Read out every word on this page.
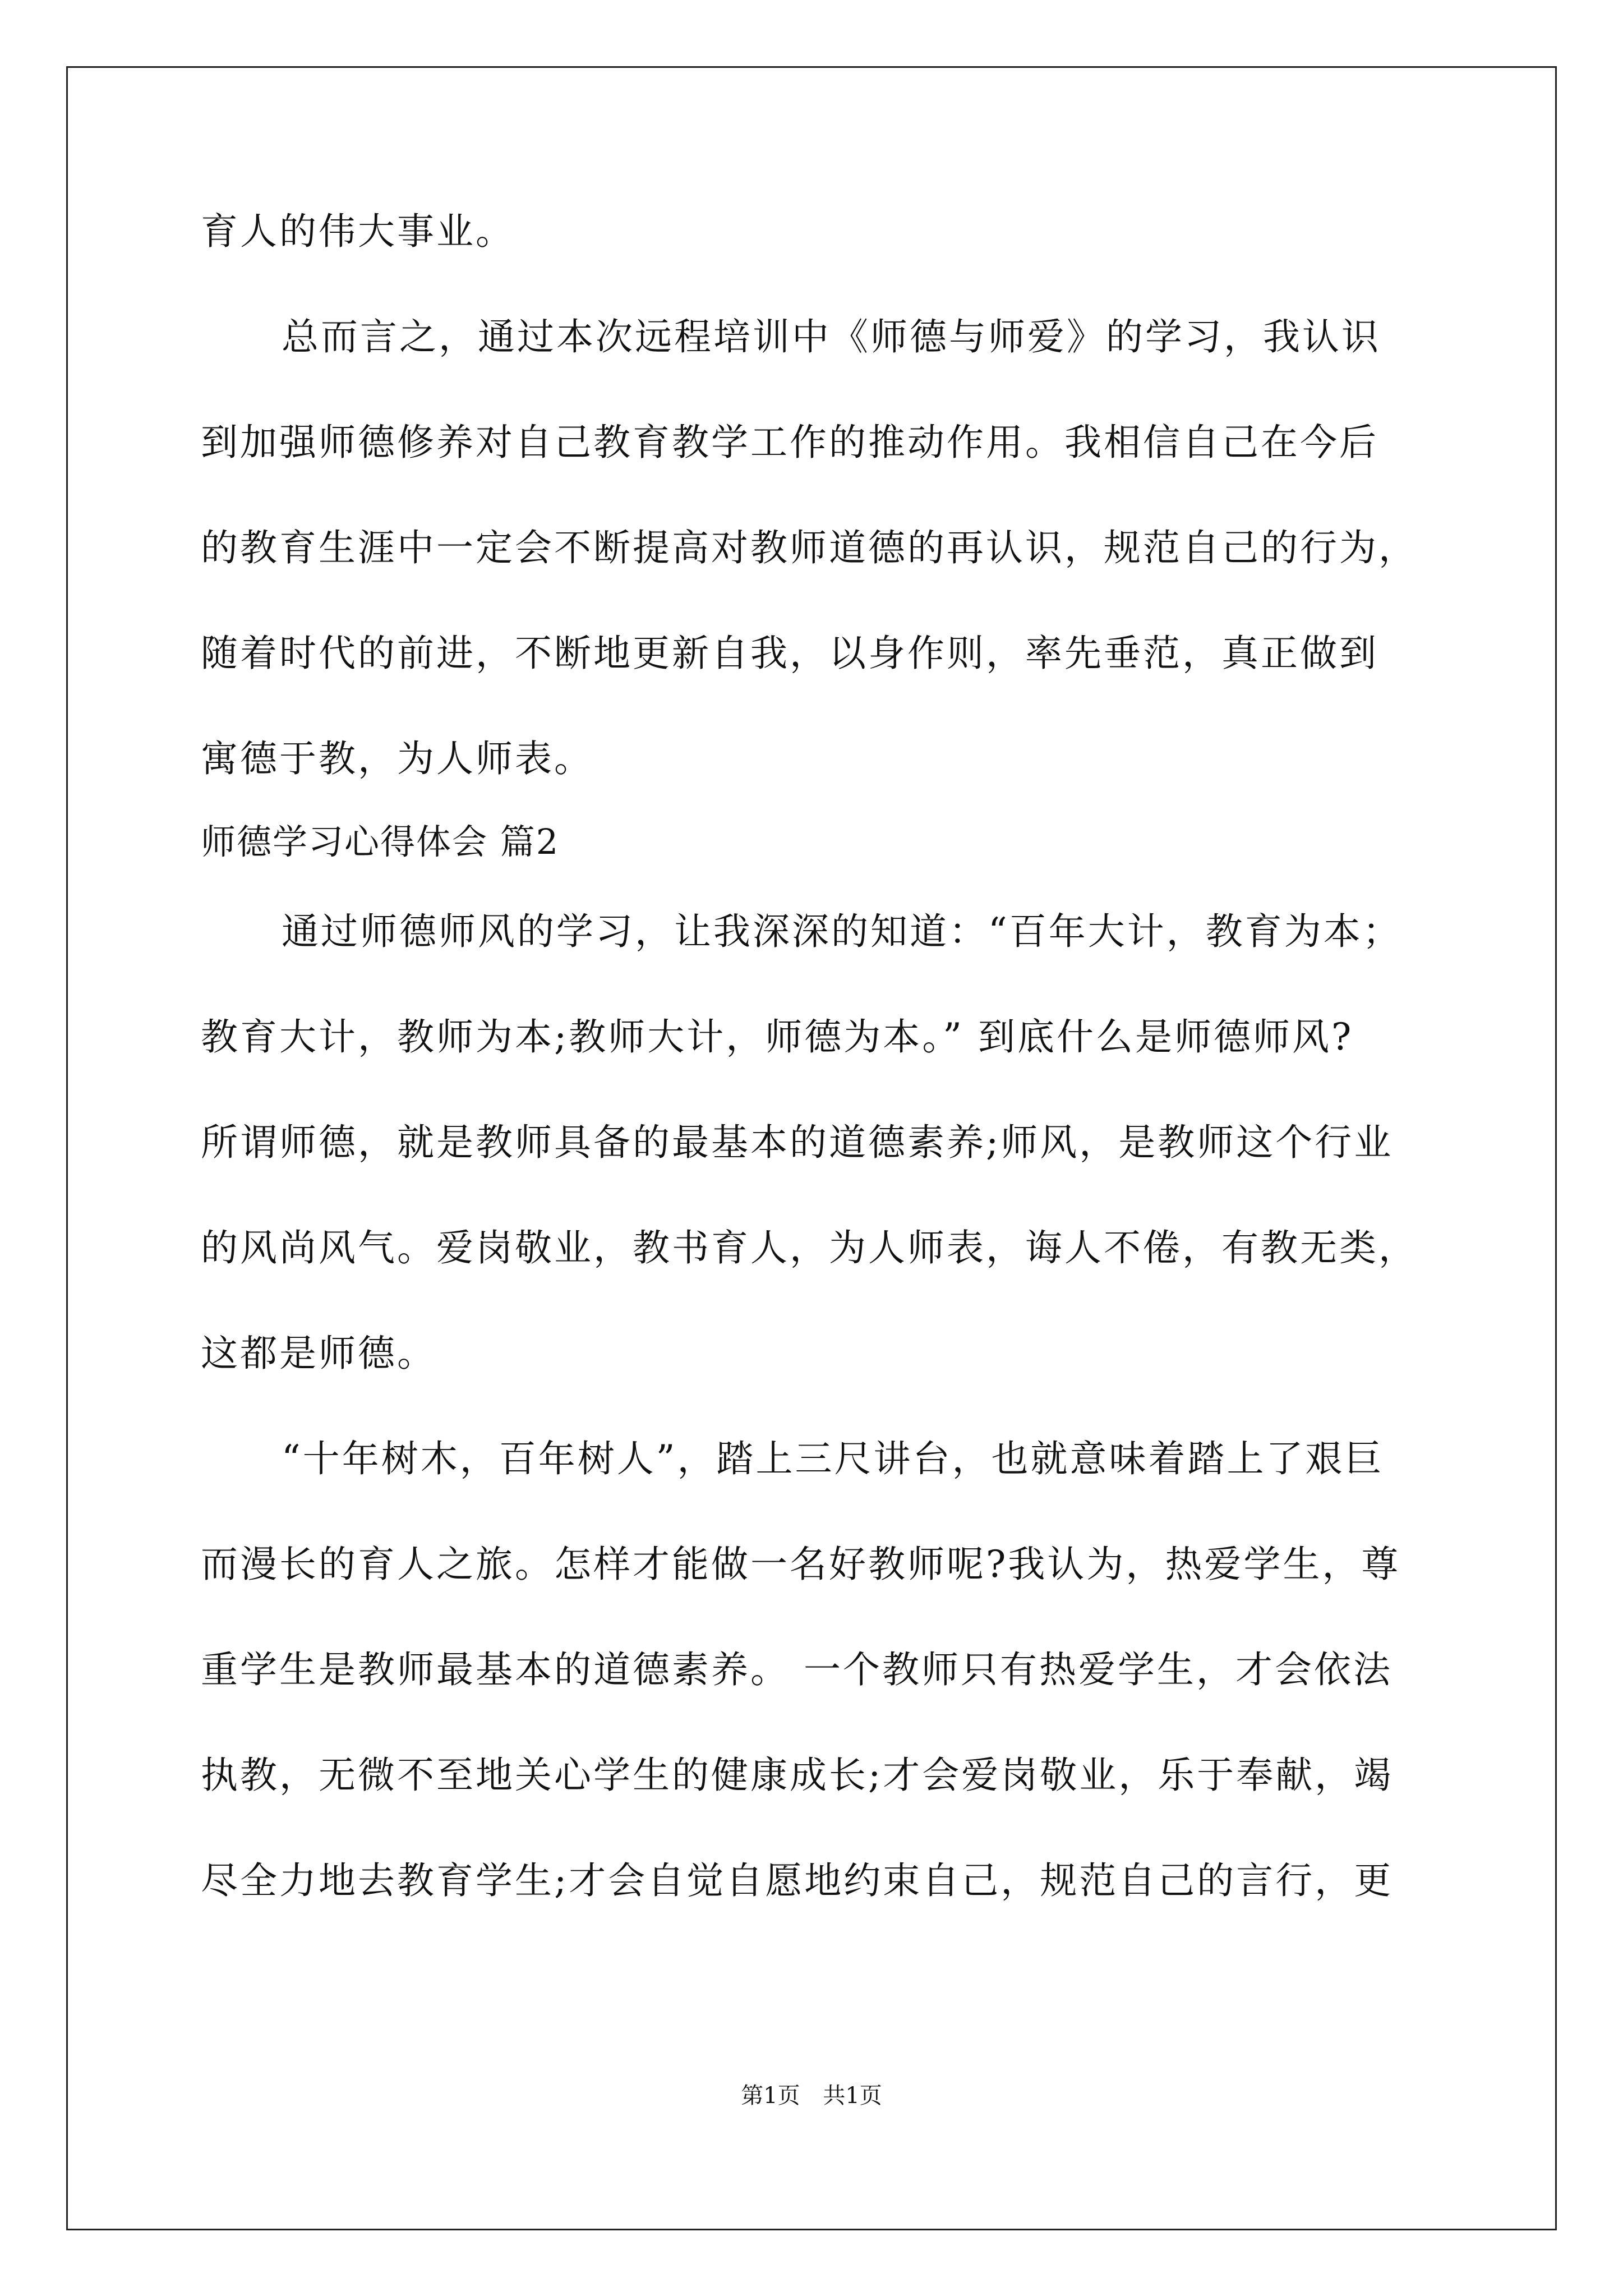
育人的伟大事业。
总而言之，通过本次远程培训中《师德与师爱》的学习，我认识
到加强师德修养对自己教育教学工作的推动作用。我相信自己在今后
的教育生涯中一定会不断提高对教师道德的再认识，规范自己的行为，
随着时代的前进，不断地更新自我，以身作则，率先垂范，真正做到
寓德于教，为人师表。
师德学习心得体会 篇2
通过师德师风的学习，让我深深的知道：“百年大计，教育为本；
教育大计，教师为本;教师大计，师德为本。” 到底什么是师德师风?
所谓师德，就是教师具备的最基本的道德素养;师风，是教师这个行业
的风尚风气。爱岗敬业，教书育人，为人师表，诲人不倦，有教无类，
这都是师德。
“十年树木，百年树人”，踏上三尺讲台，也就意味着踏上了艰巨
而漫长的育人之旅。怎样才能做一名好教师呢?我认为，热爱学生，尊
重学生是教师最基本的道德素养。 一个教师只有热爱学生，才会依法
执教，无微不至地关心学生的健康成长;才会爱岗敬业，乐于奉献，竭
尽全力地去教育学生;才会自觉自愿地约束自己，规范自己的言行，更
第1页 共1页
